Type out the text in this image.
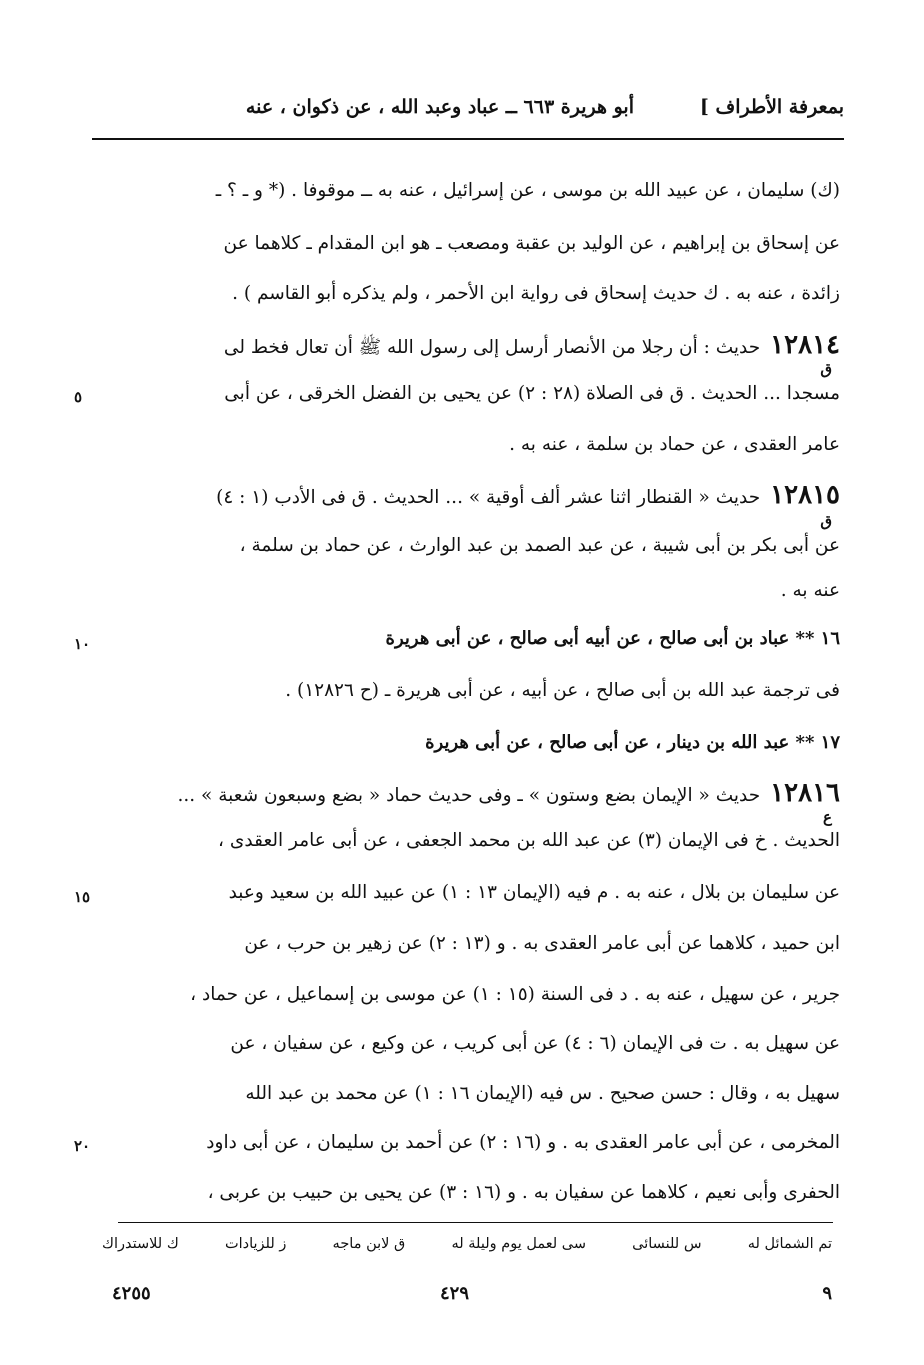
بمعرفة الأطراف ]
أبو هريرة ٦٦٣ ــ عباد وعبد الله ، عن ذكوان ، عنه
(ك) سليمان ، عن عبيد الله بن موسى ، عن إسرائيل ، عنه به ــ موقوفا . (* و ـ ؟ ـ
عن إسحاق بن إبراهيم ، عن الوليد بن عقبة ومصعب ـ هو ابن المقدام ـ كلاهما عن
زائدة ، عنه به . ك حديث إسحاق فى رواية ابن الأحمر ، ولم يذكره أبو القاسم ) .
١٢٨١٤حديث : أن رجلا من الأنصار أرسل إلى رسول الله ﷺ أن تعال فخط لى
ق
مسجدا ... الحديث . ق فى الصلاة (٢٨ : ٢) عن يحيى بن الفضل الخرقى ، عن أبى
٥
عامر العقدى ، عن حماد بن سلمة ، عنه به .
١٢٨١٥حديث « القنطار اثنا عشر ألف أوقية » ... الحديث . ق فى الأدب (١ : ٤)
ق
عن أبى بكر بن أبى شيبة ، عن عبد الصمد بن عبد الوارث ، عن حماد بن سلمة ،
عنه به .
١٦ ** عباد بن أبى صالح ، عن أبيه أبى صالح ، عن أبى هريرة
١٠
فى ترجمة عبد الله بن أبى صالح ، عن أبيه ، عن أبى هريرة ـ (ح ١٢٨٢٦) .
١٧ ** عبد الله بن دينار ، عن أبى صالح ، عن أبى هريرة
١٢٨١٦حديث « الإيمان بضع وستون » ـ وفى حديث حماد « بضع وسبعون شعبة » ...
ع
الحديث . خ فى الإيمان (٣) عن عبد الله بن محمد الجعفى ، عن أبى عامر العقدى ،
عن سليمان بن بلال ، عنه به . م فيه (الإيمان ١٣ : ١) عن عبيد الله بن سعيد وعبد
١٥
ابن حميد ، كلاهما عن أبى عامر العقدى به . و (١٣ : ٢) عن زهير بن حرب ، عن
جرير ، عن سهيل ، عنه به . د فى السنة (١٥ : ١) عن موسى بن إسماعيل ، عن حماد ،
عن سهيل به . ت فى الإيمان (٦ : ٤) عن أبى كريب ، عن وكيع ، عن سفيان ، عن
سهيل به ، وقال : حسن صحيح . س فيه (الإيمان ١٦ : ١) عن محمد بن عبد الله
المخرمى ، عن أبى عامر العقدى به . و (١٦ : ٢) عن أحمد بن سليمان ، عن أبى داود
٢٠
الحفرى وأبى نعيم ، كلاهما عن سفيان به . و (١٦ : ٣) عن يحيى بن حبيب بن عربى ،
تم الشمائل له
س للنسائى
سى لعمل يوم وليلة له
ق لابن ماجه
ز للزيادات
ك للاستدراك
٩
٤٢٩
٤٢٥٥
